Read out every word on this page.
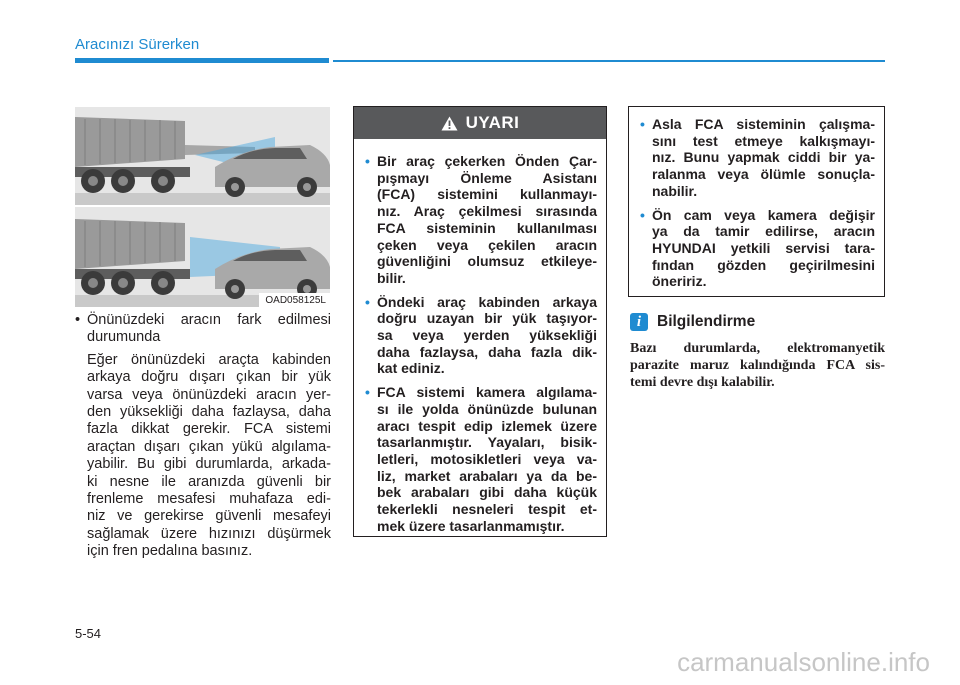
Aracınızı Sürerken
OAD058125L
• Önünüzdeki aracın fark edilmesi
durumunda
Eğer önünüzdeki araçta kabinden
arkaya doğru dışarı çıkan bir yük
varsa veya önünüzdeki aracın yer-
den yüksekliği daha fazlaysa, daha
fazla dikkat gerekir. FCA sistemi
araçtan dışarı çıkan yükü algılama-
yabilir. Bu gibi durumlarda, arkada-
ki nesne ile aranızda güvenli bir
frenleme mesafesi muhafaza edi-
niz ve gerekirse güvenli mesafeyi
sağlamak üzere hızınızı düşürmek
için fren pedalına basınız.
UYARI
• Bir araç çekerken Önden Çar-
pışmayı Önleme Asistanı
(FCA) sistemini kullanmayı-
nız. Araç çekilmesi sırasında
FCA sisteminin kullanılması
çeken veya çekilen aracın
güvenliğini olumsuz etkileye-
bilir.
• Öndeki araç kabinden arkaya
doğru uzayan bir yük taşıyor-
sa veya yerden yüksekliği
daha fazlaysa, daha fazla dik-
kat ediniz.
• FCA sistemi kamera algılama-
sı ile yolda önünüzde bulunan
aracı tespit edip izlemek üzere
tasarlanmıştır. Yayaları, bisik-
letleri, motosikletleri veya va-
liz, market arabaları ya da be-
bek arabaları gibi daha küçük
tekerlekli nesneleri tespit et-
mek üzere tasarlanmamıştır.
• Asla FCA sisteminin çalışma-
sını test etmeye kalkışmayı-
nız. Bunu yapmak ciddi bir ya-
ralanma veya ölümle sonuçla-
nabilir.
• Ön cam veya kamera değişir
ya da tamir edilirse, aracın
HYUNDAI yetkili servisi tara-
fından gözden geçirilmesini
öneririz.
i	Bilgilendirme
Bazı durumlarda, elektromanyetik
parazite maruz kalındığında FCA sis-
temi devre dışı kalabilir.
5-54
carmanualsonline.info
